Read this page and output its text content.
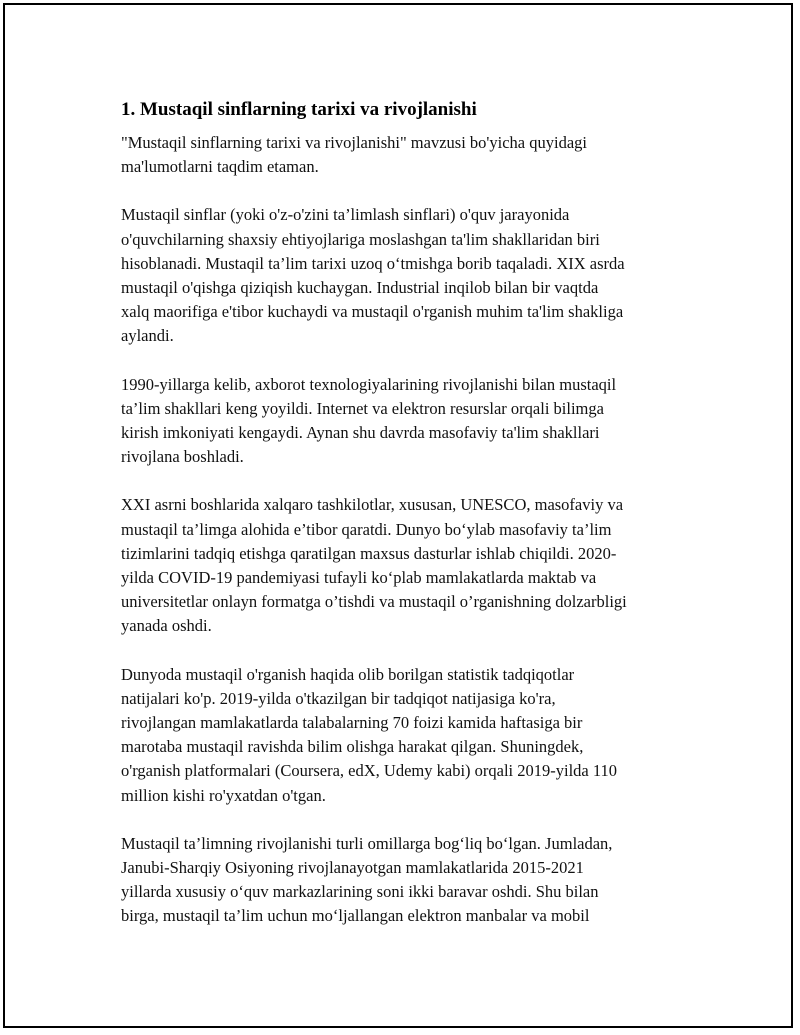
1. Mustaqil sinflarning tarixi va rivojlanishi

"Mustaqil sinflarning tarixi va rivojlanishi" mavzusi bo'yicha quyidagi
ma'lumotlarni taqdim etaman.

Mustaqil sinflar (yoki o'z-o'zini ta’limlash sinflari) o'quv jarayonida
o'quvchilarning shaxsiy ehtiyojlariga moslashgan ta'lim shakllaridan biri
hisoblanadi. Mustaqil ta’lim tarixi uzoq o‘tmishga borib taqaladi. XIX asrda
mustaqil o'qishga qiziqish kuchaygan. Industrial inqilob bilan bir vaqtda
xalq maorifiga e'tibor kuchaydi va mustaqil o'rganish muhim ta'lim shakliga
aylandi.

1990-yillarga kelib, axborot texnologiyalarining rivojlanishi bilan mustaqil
ta’lim shakllari keng yoyildi. Internet va elektron resurslar orqali bilimga
kirish imkoniyati kengaydi. Aynan shu davrda masofaviy ta'lim shakllari
rivojlana boshladi.

XXI asrni boshlarida xalqaro tashkilotlar, xususan, UNESCO, masofaviy va
mustaqil ta’limga alohida e’tibor qaratdi. Dunyo bo‘ylab masofaviy ta’lim
tizimlarini tadqiq etishga qaratilgan maxsus dasturlar ishlab chiqildi. 2020-
yilda COVID-19 pandemiyasi tufayli ko‘plab mamlakatlarda maktab va
universitetlar onlayn formatga o’tishdi va mustaqil o’rganishning dolzarbligi
yanada oshdi.

Dunyoda mustaqil o'rganish haqida olib borilgan statistik tadqiqotlar
natijalari ko'p. 2019-yilda o'tkazilgan bir tadqiqot natijasiga ko'ra,
rivojlangan mamlakatlarda talabalarning 70 foizi kamida haftasiga bir
marotaba mustaqil ravishda bilim olishga harakat qilgan. Shuningdek,
o'rganish platformalari (Coursera, edX, Udemy kabi) orqali 2019-yilda 110
million kishi ro'yxatdan o'tgan.

Mustaqil ta’limning rivojlanishi turli omillarga bog‘liq bo‘lgan. Jumladan,
Janubi-Sharqiy Osiyoning rivojlanayotgan mamlakatlarida 2015-2021
yillarda xususiy o‘quv markazlarining soni ikki baravar oshdi. Shu bilan
birga, mustaqil ta’lim uchun mo‘ljallangan elektron manbalar va mobil
